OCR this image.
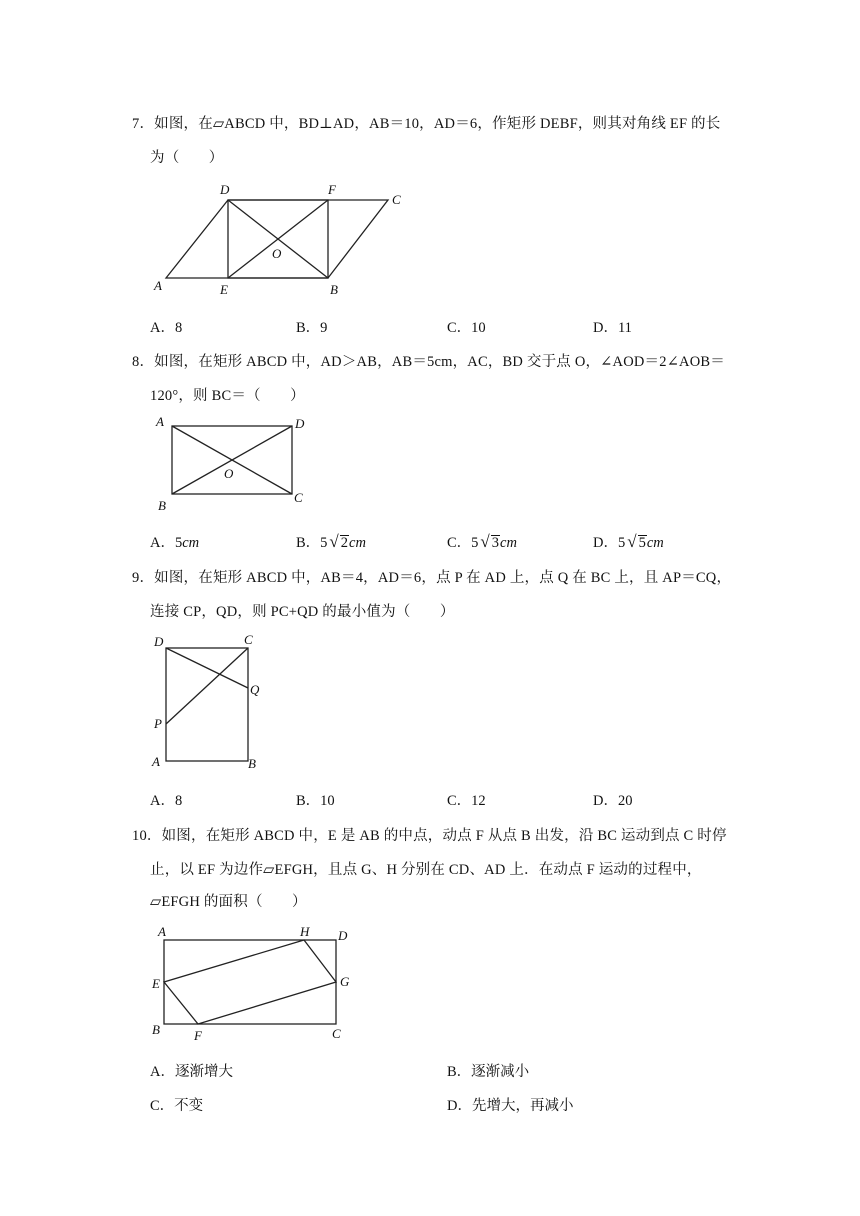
7．如图，在▱ABCD 中，BD⊥AD，AB＝10，AD＝6，作矩形 DEBF，则其对角线 EF 的长
为（　　）
A
D	F
C
O
E	B
A．8	B．9	C．10	D．11
8．如图，在矩形 ABCD 中，AD＞AB，AB＝5cm，AC，BD 交于点 O，∠AOD＝2∠AOB＝
120°，则 BC＝（　　）
A	D
O
B
C
A．5cm	B．5 √ 2cm	C．5 √ 3cm	D．5 √ 5cm
9．如图，在矩形 ABCD 中，AB＝4，AD＝6，点 P 在 AD 上，点 Q 在 BC 上，且 AP＝CQ，
连接 CP，QD，则 PC+QD 的最小值为（　　）
D	C
Q
P
A	B
A．8	B．10	C．12	D．20
10．如图，在矩形 ABCD 中，E 是 AB 的中点，动点 F 从点 B 出发，沿 BC 运动到点 C 时停
止，以 EF 为边作▱EFGH，且点 G、H 分别在 CD、AD 上．在动点 F 运动的过程中，
▱EFGH 的面积（　　）
A	H D
E	G
B	F	C
A．逐渐增大	B．逐渐减小
C．不变	D．先增大，再减小
